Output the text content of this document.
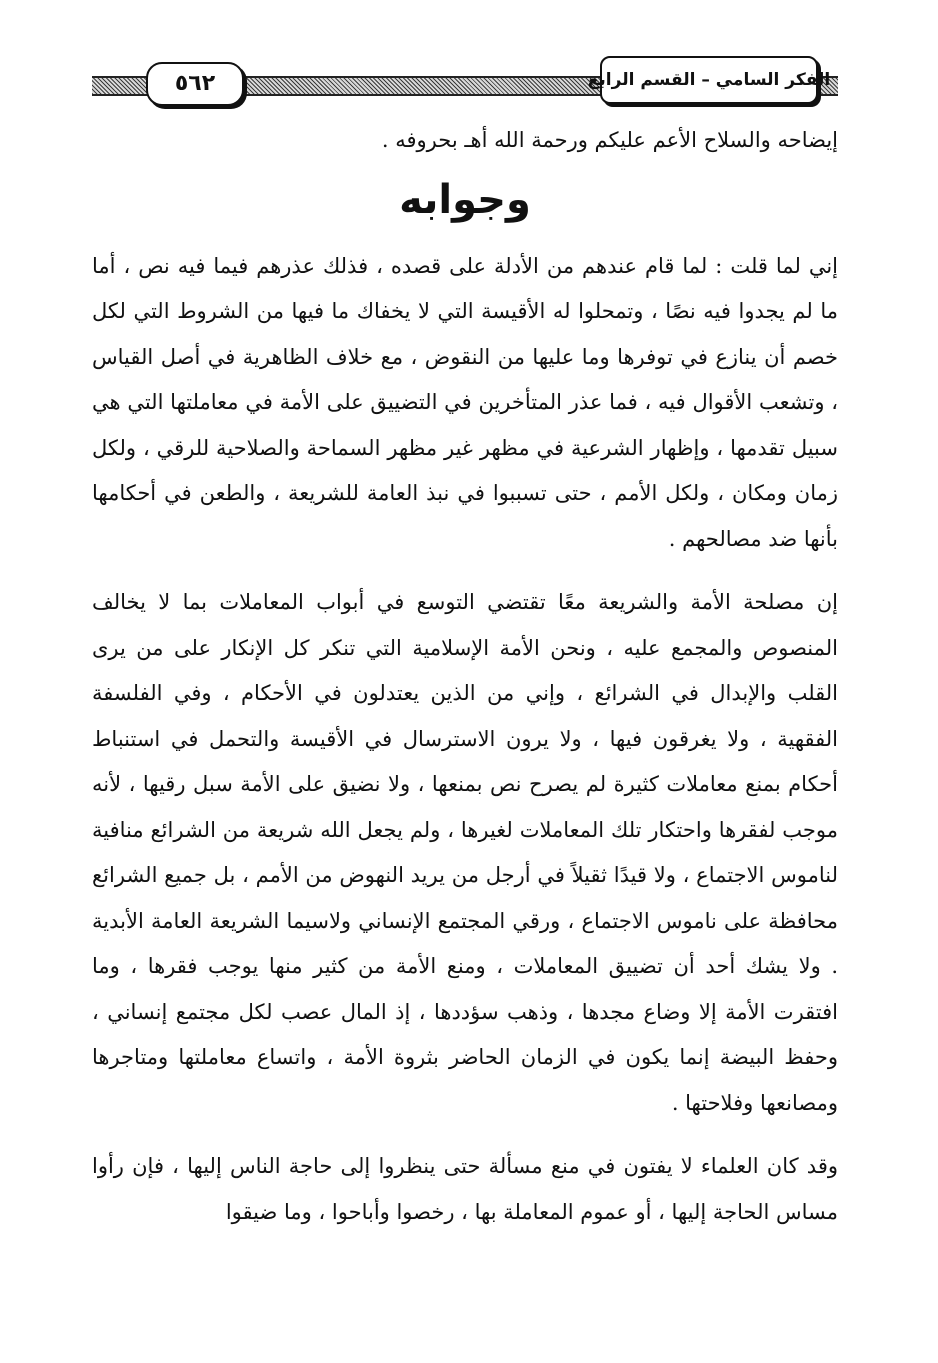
٥٦٢	الفكر السامي – القسم الرابع

إيضاحه والسلاح الأعم عليكم ورحمة الله أهـ بحروفه .

وجوابه

إني لما قلت : لما قام عندهم من الأدلة على قصده ، فذلك عذرهم فيما فيه نص ، أما ما لم يجدوا فيه نصًا ، وتمحلوا له الأقيسة التي لا يخفاك ما فيها من الشروط التي لكل خصم أن ينازع في توفرها وما عليها من النقوض ، مع خلاف الظاهرية في أصل القياس ، وتشعب الأقوال فيه ، فما عذر المتأخرين في التضييق على الأمة في معاملتها التي هي سبيل تقدمها ، وإظهار الشرعية في مظهر غير مظهر السماحة والصلاحية للرقي ، ولكل زمان ومكان ، ولكل الأمم ، حتى تسببوا في نبذ العامة للشريعة ، والطعن في أحكامها بأنها ضد مصالحهم .

إن مصلحة الأمة والشريعة معًا تقتضي التوسع في أبواب المعاملات بما لا يخالف المنصوص والمجمع عليه ، ونحن الأمة الإسلامية التي تنكر كل الإنكار على من يرى القلب والإبدال في الشرائع ، وإني من الذين يعتدلون في الأحكام ، وفي الفلسفة الفقهية ، ولا يغرقون فيها ، ولا يرون الاسترسال في الأقيسة والتحمل في استنباط أحكام بمنع معاملات كثيرة لم يصرح نص بمنعها ، ولا نضيق على الأمة سبل رقيها ، لأنه موجب لفقرها واحتكار تلك المعاملات لغيرها ، ولم يجعل الله شريعة من الشرائع منافية لناموس الاجتماع ، ولا قيدًا ثقيلاً في أرجل من يريد النهوض من الأمم ، بل جميع الشرائع محافظة على ناموس الاجتماع ، ورقي المجتمع الإنساني ولاسيما الشريعة العامة الأبدية . ولا يشك أحد أن تضييق المعاملات ، ومنع الأمة من كثير منها يوجب فقرها ، وما افتقرت الأمة إلا وضاع مجدها ، وذهب سؤددها ، إذ المال عصب لكل مجتمع إنساني ، وحفظ البيضة إنما يكون في الزمان الحاضر بثروة الأمة ، واتساع معاملتها ومتاجرها ومصانعها وفلاحتها .

وقد كان العلماء لا يفتون في منع مسألة حتى ينظروا إلى حاجة الناس إليها ، فإن رأوا مساس الحاجة إليها ، أو عموم المعاملة بها ، رخصوا وأباحوا ، وما ضيقوا
